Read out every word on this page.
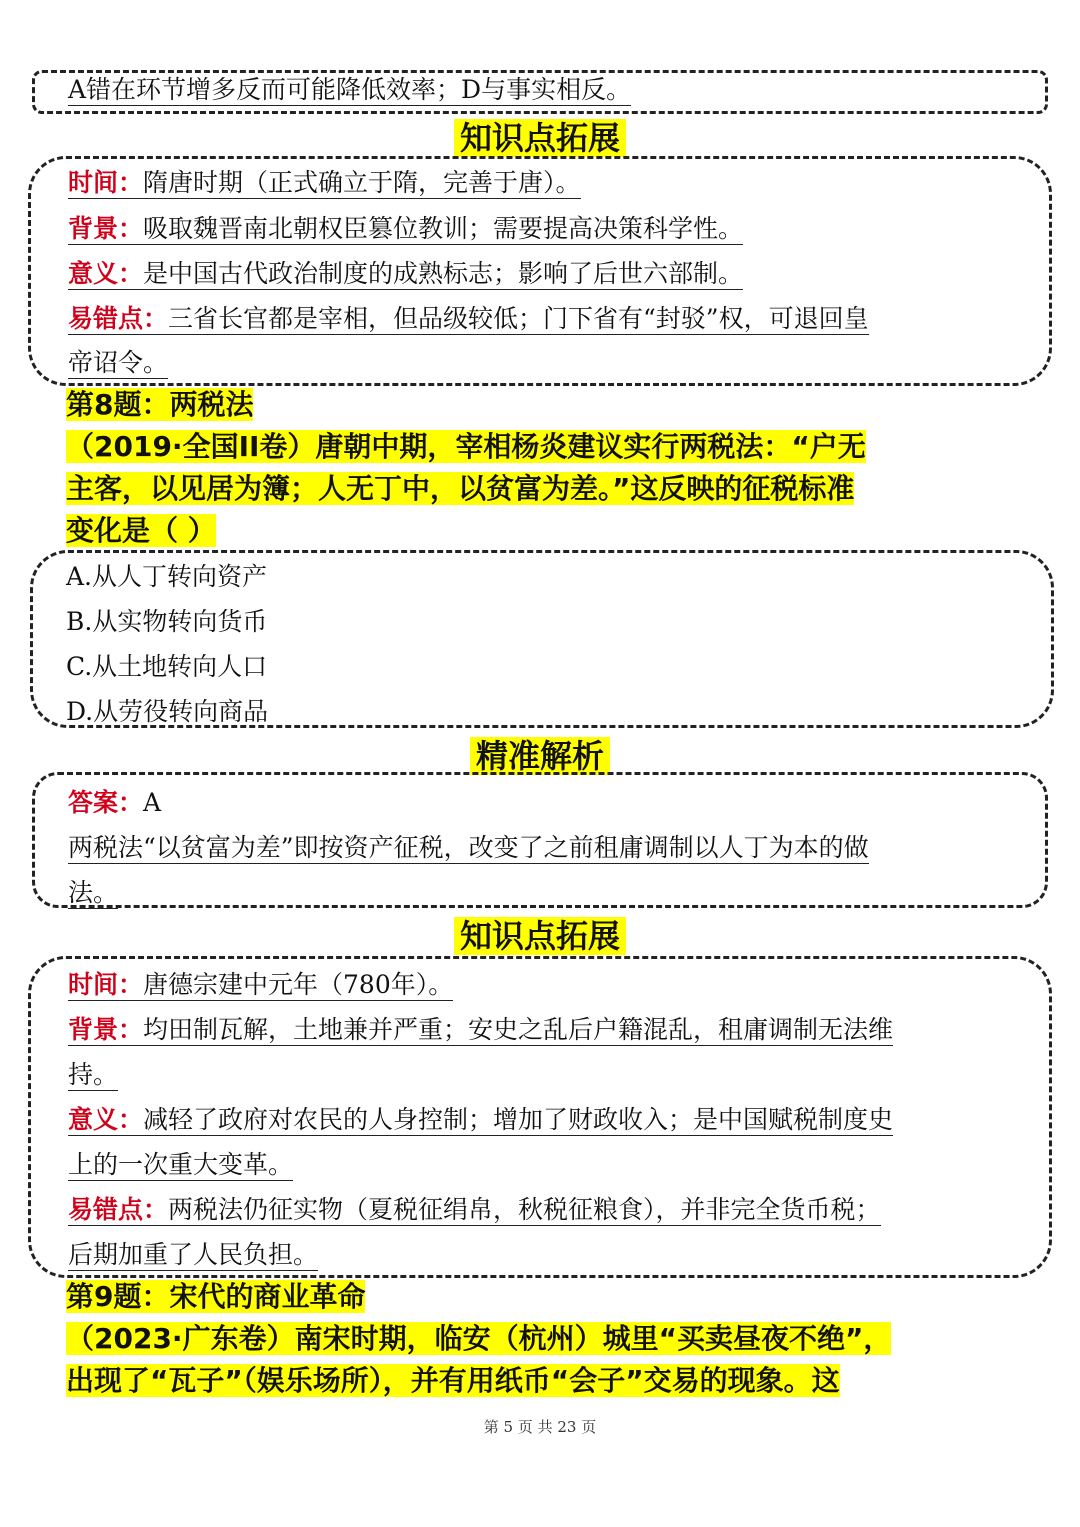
A错在环节增多反而可能降低效率；D与事实相反。
知识点拓展
时间：隋唐时期（正式确立于隋，完善于唐）。
背景：吸取魏晋南北朝权臣篡位教训；需要提高决策科学性。
意义：是中国古代政治制度的成熟标志；影响了后世六部制。
易错点：三省长官都是宰相，但品级较低；门下省有“封驳”权，可退回皇
帝诏令。
第8题：两税法
（2019·全国II卷）唐朝中期，宰相杨炎建议实行两税法：“户无
主客，以见居为簿；人无丁中，以贫富为差。”这反映的征税标准
变化是（ ）
A.从人丁转向资产
B.从实物转向货币
C.从土地转向人口
D.从劳役转向商品
精准解析
答案：A
两税法“以贫富为差”即按资产征税，改变了之前租庸调制以人丁为本的做
法。
知识点拓展
时间：唐德宗建中元年（780年）。
背景：均田制瓦解，土地兼并严重；安史之乱后户籍混乱，租庸调制无法维
持。
意义：减轻了政府对农民的人身控制；增加了财政收入；是中国赋税制度史
上的一次重大变革。
易错点：两税法仍征实物（夏税征绢帛，秋税征粮食），并非完全货币税；
后期加重了人民负担。
第9题：宋代的商业革命
（2023·广东卷）南宋时期，临安（杭州）城里“买卖昼夜不绝”，
出现了“瓦子”（娱乐场所），并有用纸币“会子”交易的现象。这
第 5 页 共 23 页
